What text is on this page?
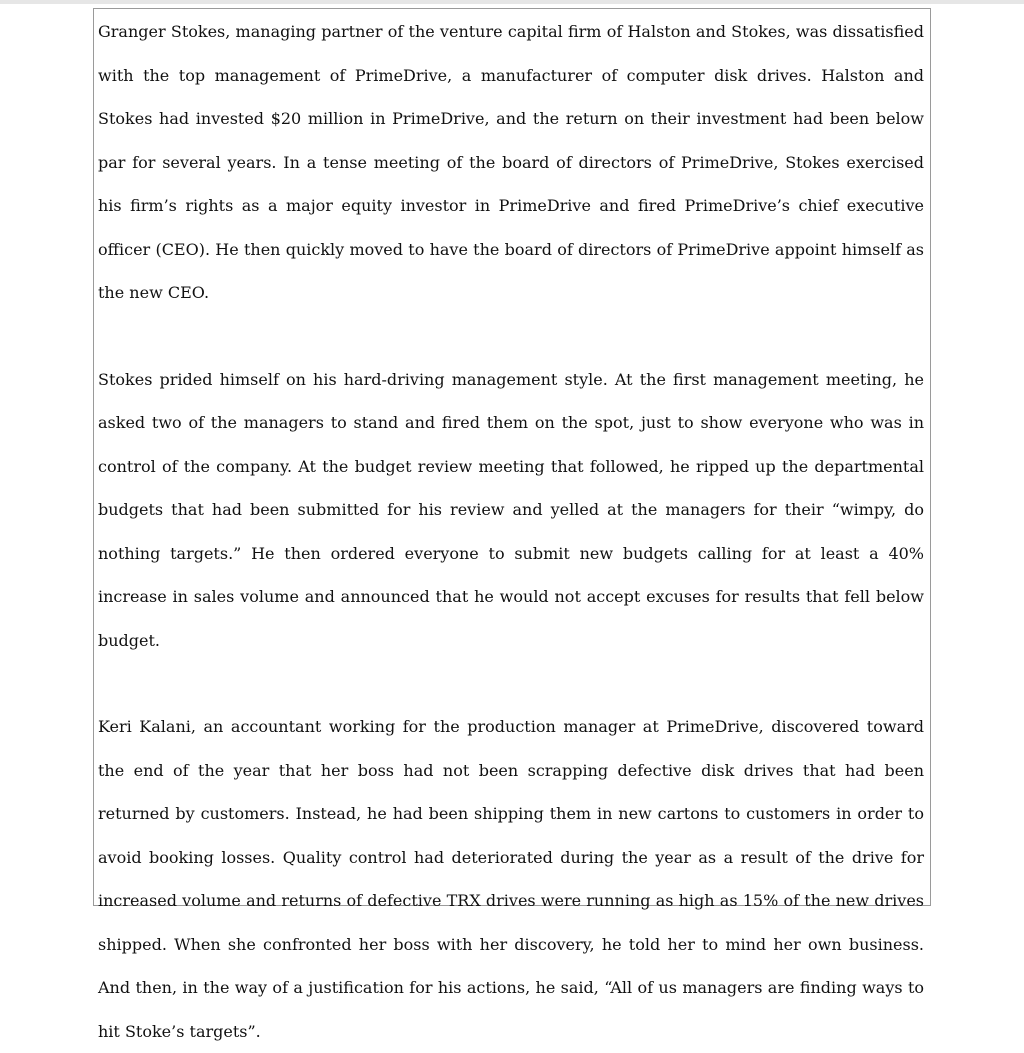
Granger Stokes, managing partner of the venture capital firm of Halston and Stokes, was dissatisfied with the top management of PrimeDrive, a manufacturer of computer disk drives. Halston and Stokes had invested $20 million in PrimeDrive, and the return on their investment had been below par for several years. In a tense meeting of the board of directors of PrimeDrive, Stokes exercised his firm’s rights as a major equity investor in PrimeDrive and fired PrimeDrive’s chief executive officer (CEO). He then quickly moved to have the board of directors of PrimeDrive appoint himself as the new CEO.

Stokes prided himself on his hard-driving management style. At the first management meeting, he asked two of the managers to stand and fired them on the spot, just to show everyone who was in control of the company. At the budget review meeting that followed, he ripped up the departmental budgets that had been submitted for his review and yelled at the managers for their “wimpy, do nothing targets.” He then ordered everyone to submit new budgets calling for at least a 40% increase in sales volume and announced that he would not accept excuses for results that fell below budget.

Keri Kalani, an accountant working for the production manager at PrimeDrive, discovered toward the end of the year that her boss had not been scrapping defective disk drives that had been returned by customers. Instead, he had been shipping them in new cartons to customers in order to avoid booking losses. Quality control had deteriorated during the year as a result of the drive for increased volume and returns of defective TRX drives were running as high as 15% of the new drives shipped. When she confronted her boss with her discovery, he told her to mind her own business. And then, in the way of a justification for his actions, he said, “All of us managers are finding ways to hit Stoke’s targets”.
